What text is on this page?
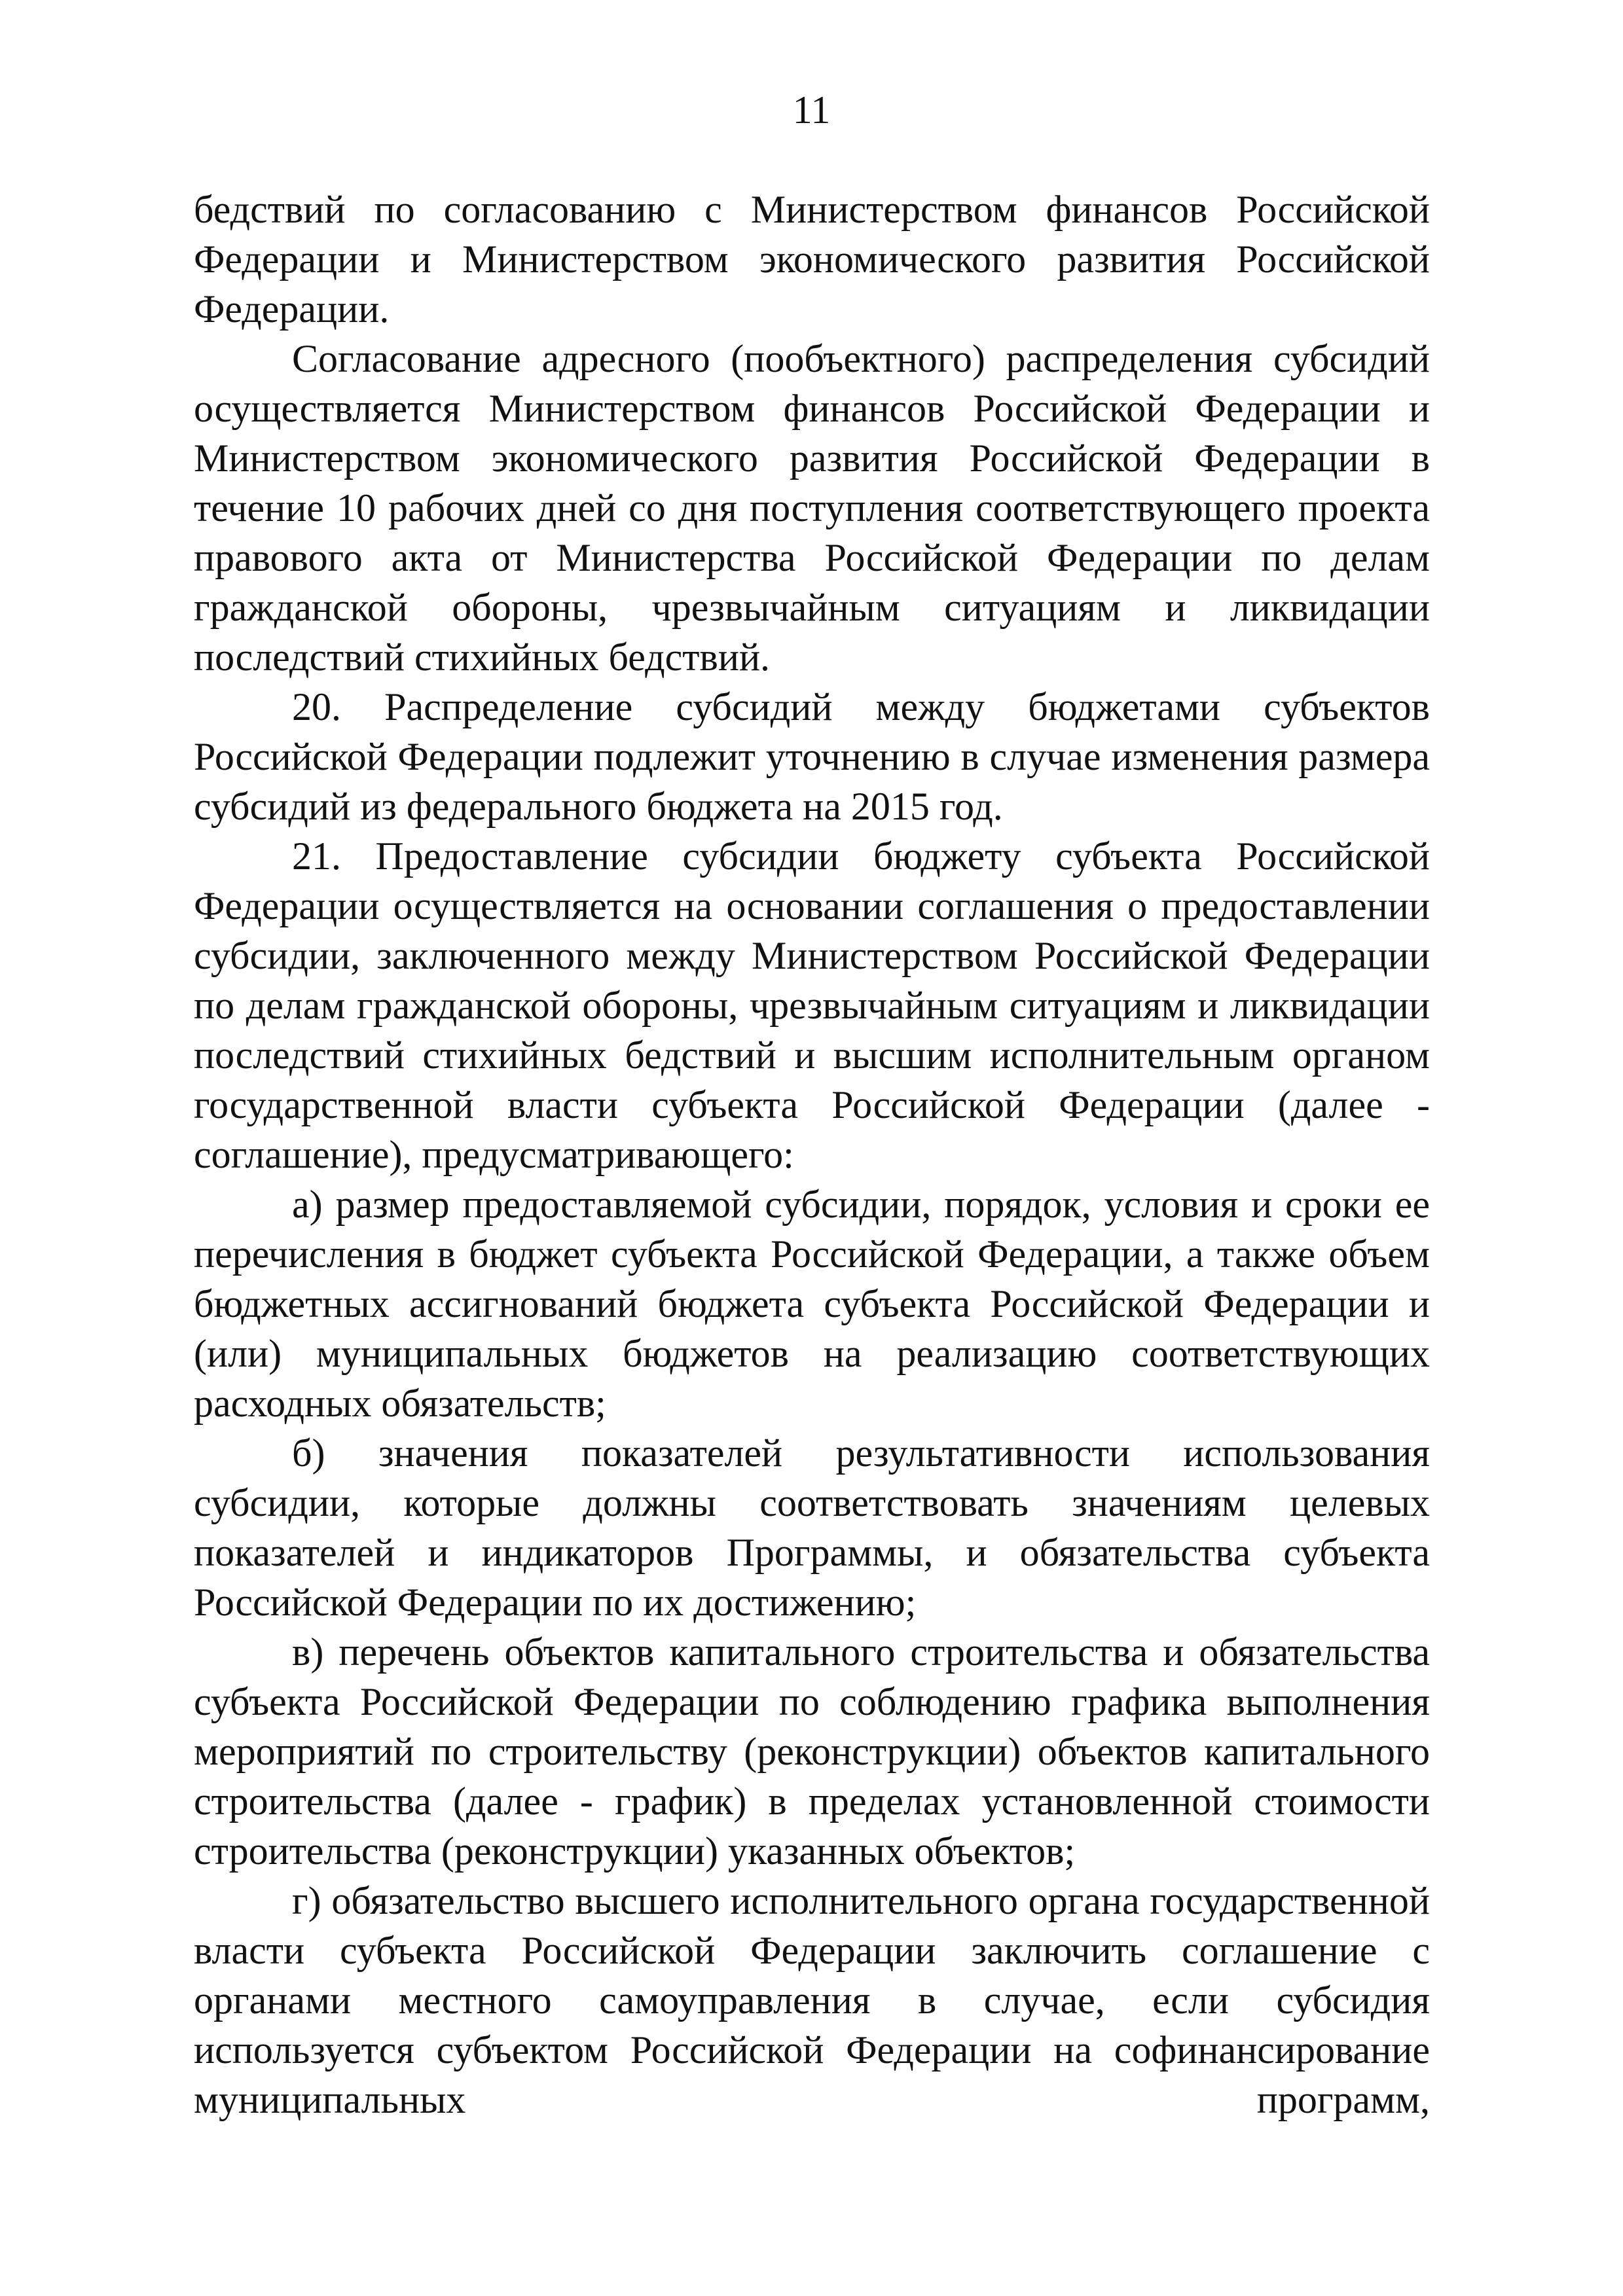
11

бедствий по согласованию с Министерством финансов Российской Федерации и Министерством экономического развития Российской Федерации.

Согласование адресного (пообъектного) распределения субсидий осуществляется Министерством финансов Российской Федерации и Министерством экономического развития Российской Федерации в течение 10 рабочих дней со дня поступления соответствующего проекта правового акта от Министерства Российской Федерации по делам гражданской обороны, чрезвычайным ситуациям и ликвидации последствий стихийных бедствий.

20. Распределение субсидий между бюджетами субъектов Российской Федерации подлежит уточнению в случае изменения размера субсидий из федерального бюджета на 2015 год.

21. Предоставление субсидии бюджету субъекта Российской Федерации осуществляется на основании соглашения о предоставлении субсидии, заключенного между Министерством Российской Федерации по делам гражданской обороны, чрезвычайным ситуациям и ликвидации последствий стихийных бедствий и высшим исполнительным органом государственной власти субъекта Российской Федерации (далее - соглашение), предусматривающего:

а) размер предоставляемой субсидии, порядок, условия и сроки ее перечисления в бюджет субъекта Российской Федерации, а также объем бюджетных ассигнований бюджета субъекта Российской Федерации и (или) муниципальных бюджетов на реализацию соответствующих расходных обязательств;

б) значения показателей результативности использования субсидии, которые должны соответствовать значениям целевых показателей и индикаторов Программы, и обязательства субъекта Российской Федерации по их достижению;

в) перечень объектов капитального строительства и обязательства субъекта Российской Федерации по соблюдению графика выполнения мероприятий по строительству (реконструкции) объектов капитального строительства (далее - график) в пределах установленной стоимости строительства (реконструкции) указанных объектов;

г) обязательство высшего исполнительного органа государственной власти субъекта Российской Федерации заключить соглашение с органами местного самоуправления в случае, если субсидия используется субъектом Российской Федерации на софинансирование муниципальных программ,
